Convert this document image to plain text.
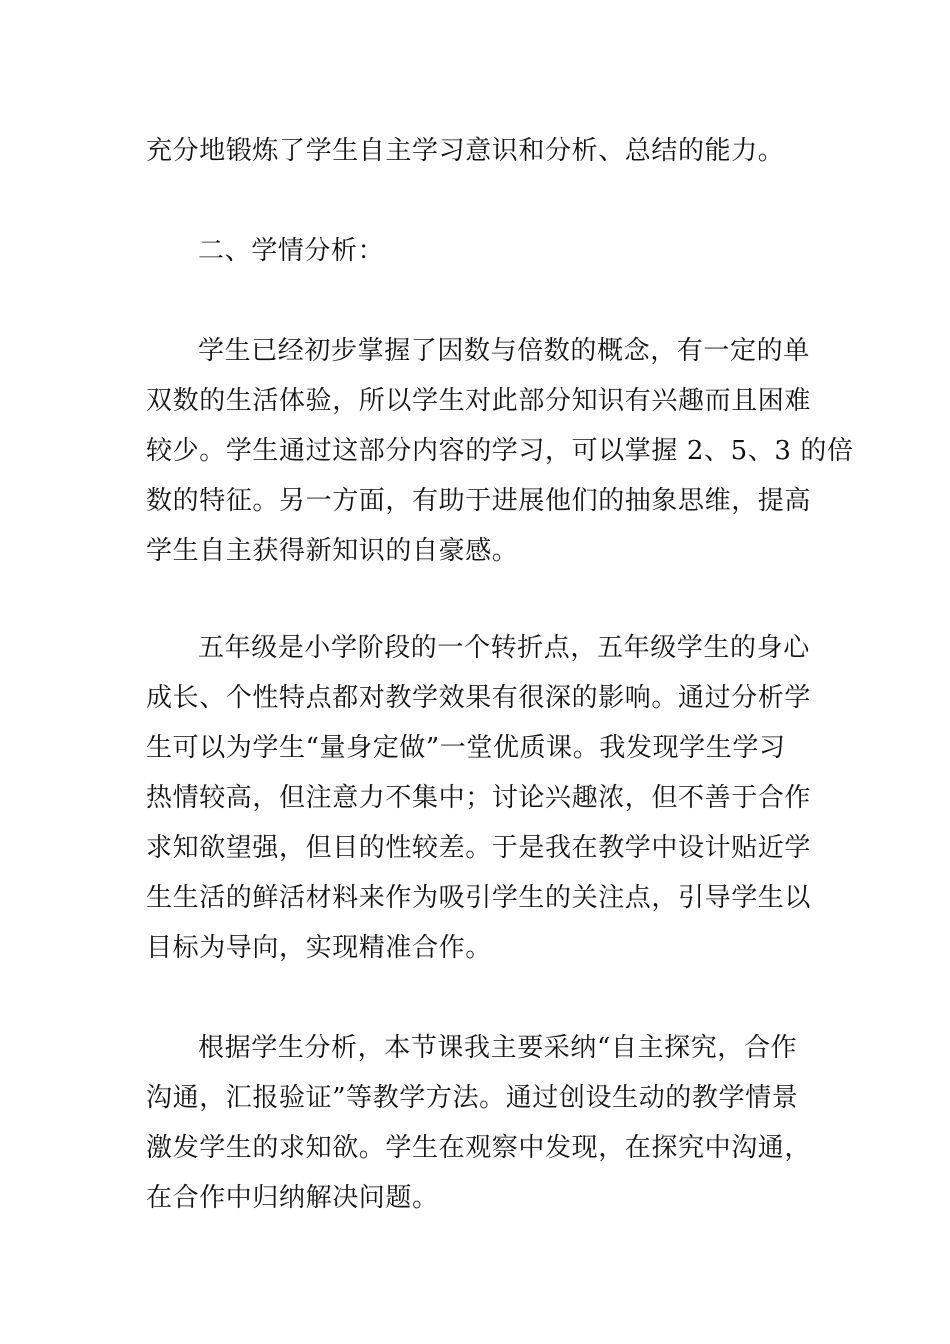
充分地锻炼了学生自主学习意识和分析、总结的能力。
二、学情分析：
学生已经初步掌握了因数与倍数的概念，有一定的单
双数的生活体验，所以学生对此部分知识有兴趣而且困难
较少。学生通过这部分内容的学习，可以掌握 2、5、3 的倍
数的特征。另一方面，有助于进展他们的抽象思维，提高
学生自主获得新知识的自豪感。
五年级是小学阶段的一个转折点，五年级学生的身心
成长、个性特点都对教学效果有很深的影响。通过分析学
生可以为学生“量身定做”一堂优质课。我发现学生学习
热情较高，但注意力不集中；讨论兴趣浓，但不善于合作
求知欲望强，但目的性较差。于是我在教学中设计贴近学
生生活的鲜活材料来作为吸引学生的关注点，引导学生以
目标为导向，实现精准合作。
根据学生分析，本节课我主要采纳“自主探究，合作
沟通，汇报验证”等教学方法。通过创设生动的教学情景
激发学生的求知欲。学生在观察中发现，在探究中沟通，
在合作中归纳解决问题。
